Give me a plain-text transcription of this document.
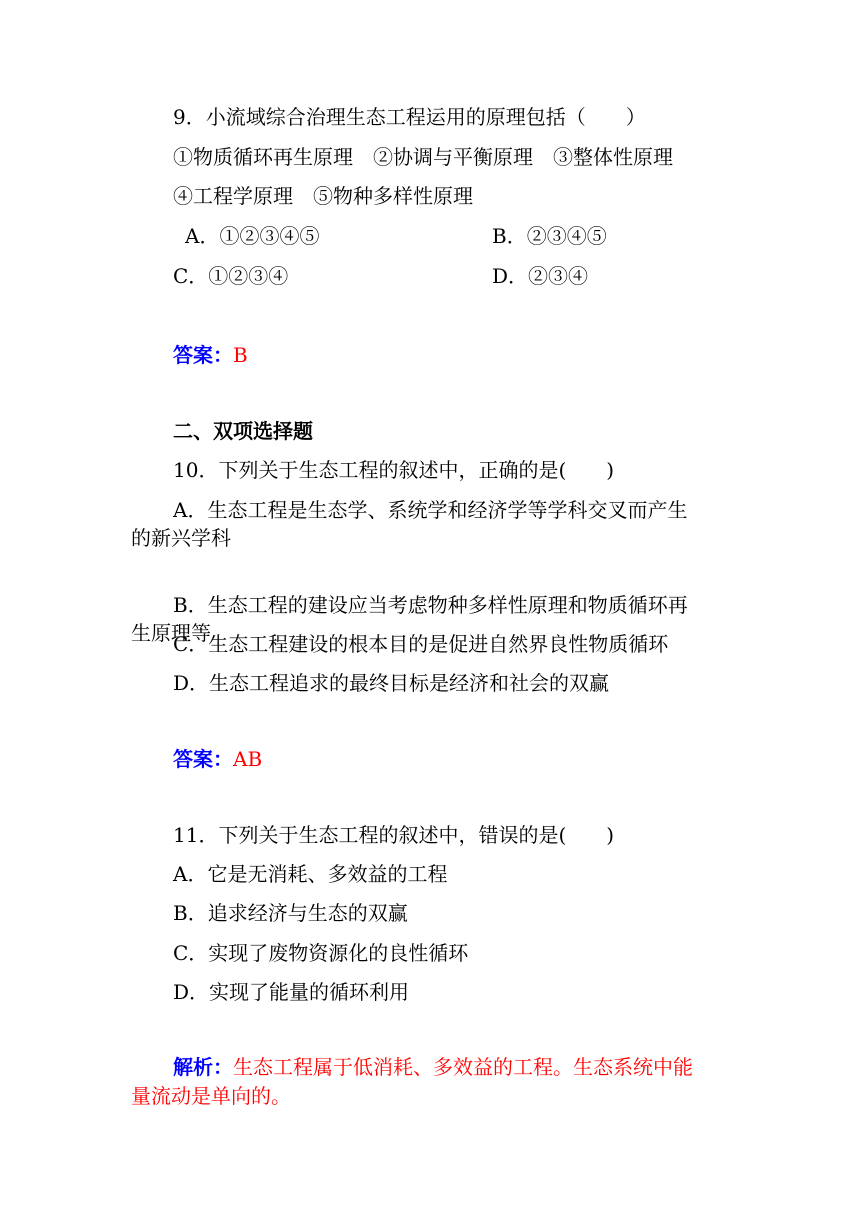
9．小流域综合治理生态工程运用的原理包括（　　）
①物质循环再生原理　②协调与平衡原理　③整体性原理
④工程学原理　⑤物种多样性原理
A．①②③④⑤	B．②③④⑤
C．①②③④	D．②③④
答案：B
二、双项选择题
10．下列关于生态工程的叙述中，正确的是(　　)
A．生态工程是生态学、系统学和经济学等学科交叉而产生
的新兴学科
B．生态工程的建设应当考虑物种多样性原理和物质循环再
生原理等
C．生态工程建设的根本目的是促进自然界良性物质循环
D．生态工程追求的最终目标是经济和社会的双赢
答案：AB
11．下列关于生态工程的叙述中，错误的是(　　)
A．它是无消耗、多效益的工程
B．追求经济与生态的双赢
C．实现了废物资源化的良性循环
D．实现了能量的循环利用
解析：生态工程属于低消耗、多效益的工程。生态系统中能
量流动是单向的。
